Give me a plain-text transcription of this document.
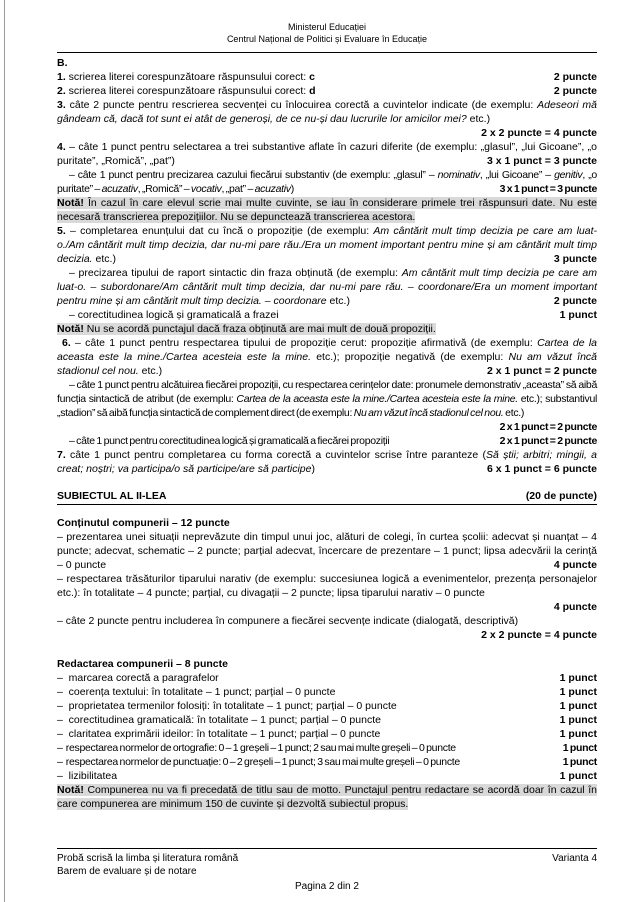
Ministerul Educației
Centrul Național de Politici și Evaluare în Educație
B.
1. scrierea literei corespunzătoare răspunsului corect: c	2 puncte
2. scrierea literei corespunzătoare răspunsului corect: d	2 puncte
3. câte 2 puncte pentru rescrierea secvenței cu înlocuirea corectă a cuvintelor indicate (de exemplu: Adeseori mă gândeam că, dacă tot sunt ei atât de generoși, de ce nu-și dau lucrurile lor amicilor mei? etc.)
2 x 2 puncte = 4 puncte
4. – câte 1 punct pentru selectarea a trei substantive aflate în cazuri diferite (de exemplu: „glasul”, „lui Gicoane”, „o puritate”, „Romică”, „pat”)	3 x 1 punct = 3 puncte
– câte 1 punct pentru precizarea cazului fiecărui substantiv (de exemplu: „glasul” – nominativ, „lui Gicoane” – genitiv, „o puritate” – acuzativ, „Romică” – vocativ, „pat” – acuzativ)	3 x 1 punct = 3 puncte
Notă! În cazul în care elevul scrie mai multe cuvinte, se iau în considerare primele trei răspunsuri date. Nu este necesară transcrierea prepozițiilor. Nu se depunctează transcrierea acestora.
5. – completarea enunțului dat cu încă o propoziție (de exemplu: Am cântărit mult timp decizia pe care am luat-o./Am cântărit mult timp decizia, dar nu-mi pare rău./Era un moment important pentru mine și am cântărit mult timp decizia. etc.)	3 puncte
– precizarea tipului de raport sintactic din fraza obținută (de exemplu: Am cântărit mult timp decizia pe care am luat-o. – subordonare/Am cântărit mult timp decizia, dar nu-mi pare rău. – coordonare/Era un moment important pentru mine și am cântărit mult timp decizia. – coordonare etc.)	2 puncte
– corectitudinea logică și gramaticală a frazei	1 punct
Notă! Nu se acordă punctajul dacă fraza obținută are mai mult de două propoziții.
6. – câte 1 punct pentru respectarea tipului de propoziție cerut: propoziție afirmativă (de exemplu: Cartea de la aceasta este la mine./Cartea acesteia este la mine. etc.); propoziție negativă (de exemplu: Nu am văzut încă stadionul cel nou. etc.)	2 x 1 punct = 2 puncte
– câte 1 punct pentru alcătuirea fiecărei propoziții, cu respectarea cerințelor date: pronumele demonstrativ „aceasta” să aibă funcția sintactică de atribut (de exemplu: Cartea de la aceasta este la mine./Cartea acesteia este la mine. etc.); substantivul „stadion” să aibă funcția sintactică de complement direct (de exemplu: Nu am văzut încă stadionul cel nou. etc.)
2 x 1 punct = 2 puncte
– câte 1 punct pentru corectitudinea logică și gramaticală a fiecărei propoziții	2 x 1 punct = 2 puncte
7. câte 1 punct pentru completarea cu forma corectă a cuvintelor scrise între paranteze (Să știi; arbitri; mingii, a creat; noștri; va participa/o să participe/are să participe)	6 x 1 punct = 6 puncte
SUBIECTUL AL II-LEA	(20 de puncte)
Conținutul compunerii – 12 puncte
– prezentarea unei situații neprevăzute din timpul unui joc, alături de colegi, în curtea școlii: adecvat și nuanțat – 4 puncte; adecvat, schematic – 2 puncte; parțial adecvat, încercare de prezentare – 1 punct; lipsa adecvării la cerință – 0 puncte	4 puncte
– respectarea trăsăturilor tiparului narativ (de exemplu: succesiunea logică a evenimentelor, prezența personajelor etc.): în totalitate – 4 puncte; parțial, cu divagații – 2 puncte; lipsa tiparului narativ – 0 puncte
4 puncte
– câte 2 puncte pentru includerea în compunere a fiecărei secvențe indicate (dialogată, descriptivă)
2 x 2 puncte = 4 puncte
Redactarea compunerii – 8 puncte
–  marcarea corectă a paragrafelor	1 punct
–  coerența textului: în totalitate – 1 punct; parțial – 0 puncte	1 punct
–  proprietatea termenilor folosiți: în totalitate – 1 punct; parțial – 0 puncte	1 punct
–  corectitudinea gramaticală: în totalitate – 1 punct; parțial – 0 puncte	1 punct
–  claritatea exprimării ideilor: în totalitate – 1 punct; parțial – 0 puncte	1 punct
–  respectarea normelor de ortografie: 0 – 1 greșeli – 1 punct; 2 sau mai multe greșeli – 0 puncte	1 punct
–  respectarea normelor de punctuație: 0 – 2 greșeli – 1 punct; 3 sau mai multe greșeli – 0 puncte	1 punct
–  lizibilitatea	1 punct
Notă! Compunerea nu va fi precedată de titlu sau de motto. Punctajul pentru redactare se acordă doar în cazul în care compunerea are minimum 150 de cuvinte și dezvoltă subiectul propus.
Probă scrisă la limba și literatura română	Varianta 4
Barem de evaluare și de notare
Pagina 2 din 2
